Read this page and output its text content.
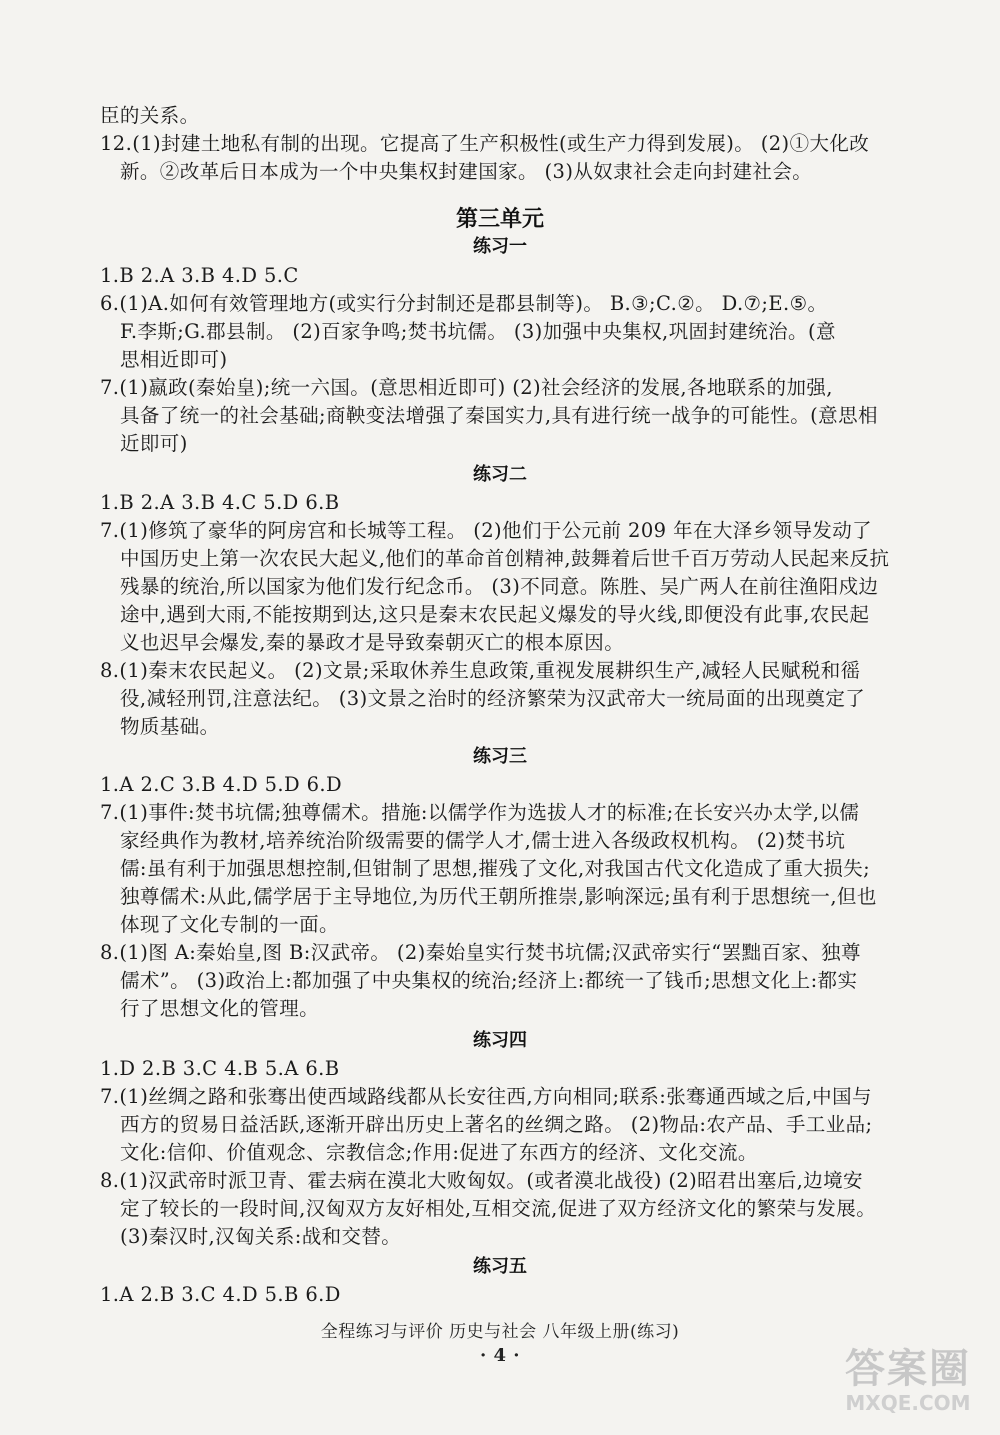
臣的关系。
12.(1)封建土地私有制的出现。它提高了生产积极性(或生产力得到发展)。 (2)①大化改
新。②改革后日本成为一个中央集权封建国家。 (3)从奴隶社会走向封建社会。
第三单元
练习一
1.B 2.A 3.B 4.D 5.C
6.(1)A.如何有效管理地方(或实行分封制还是郡县制等)。 B.③;C.②。 D.⑦;E.⑤。
F.李斯;G.郡县制。 (2)百家争鸣;焚书坑儒。 (3)加强中央集权,巩固封建统治。(意
思相近即可)
7.(1)嬴政(秦始皇);统一六国。(意思相近即可) (2)社会经济的发展,各地联系的加强,
具备了统一的社会基础;商鞅变法增强了秦国实力,具有进行统一战争的可能性。(意思相
近即可)
练习二
1.B 2.A 3.B 4.C 5.D 6.B
7.(1)修筑了豪华的阿房宫和长城等工程。 (2)他们于公元前 209 年在大泽乡领导发动了
中国历史上第一次农民大起义,他们的革命首创精神,鼓舞着后世千百万劳动人民起来反抗
残暴的统治,所以国家为他们发行纪念币。 (3)不同意。陈胜、吴广两人在前往渔阳戍边
途中,遇到大雨,不能按期到达,这只是秦末农民起义爆发的导火线,即便没有此事,农民起
义也迟早会爆发,秦的暴政才是导致秦朝灭亡的根本原因。
8.(1)秦末农民起义。 (2)文景;采取休养生息政策,重视发展耕织生产,减轻人民赋税和徭
役,减轻刑罚,注意法纪。 (3)文景之治时的经济繁荣为汉武帝大一统局面的出现奠定了
物质基础。
练习三
1.A 2.C 3.B 4.D 5.D 6.D
7.(1)事件:焚书坑儒;独尊儒术。措施:以儒学作为选拔人才的标准;在长安兴办太学,以儒
家经典作为教材,培养统治阶级需要的儒学人才,儒士进入各级政权机构。 (2)焚书坑
儒:虽有利于加强思想控制,但钳制了思想,摧残了文化,对我国古代文化造成了重大损失;
独尊儒术:从此,儒学居于主导地位,为历代王朝所推崇,影响深远;虽有利于思想统一,但也
体现了文化专制的一面。
8.(1)图 A:秦始皇,图 B:汉武帝。 (2)秦始皇实行焚书坑儒;汉武帝实行“罢黜百家、独尊
儒术”。 (3)政治上:都加强了中央集权的统治;经济上:都统一了钱币;思想文化上:都实
行了思想文化的管理。
练习四
1.D 2.B 3.C 4.B 5.A 6.B
7.(1)丝绸之路和张骞出使西域路线都从长安往西,方向相同;联系:张骞通西域之后,中国与
西方的贸易日益活跃,逐渐开辟出历史上著名的丝绸之路。 (2)物品:农产品、手工业品;
文化:信仰、价值观念、宗教信念;作用:促进了东西方的经济、文化交流。
8.(1)汉武帝时派卫青、霍去病在漠北大败匈奴。(或者漠北战役) (2)昭君出塞后,边境安
定了较长的一段时间,汉匈双方友好相处,互相交流,促进了双方经济文化的繁荣与发展。
(3)秦汉时,汉匈关系:战和交替。
练习五
1.A 2.B 3.C 4.D 5.B 6.D
全程练习与评价 历史与社会 八年级上册(练习)
· 4 ·	答案圈
MXQE.COM
